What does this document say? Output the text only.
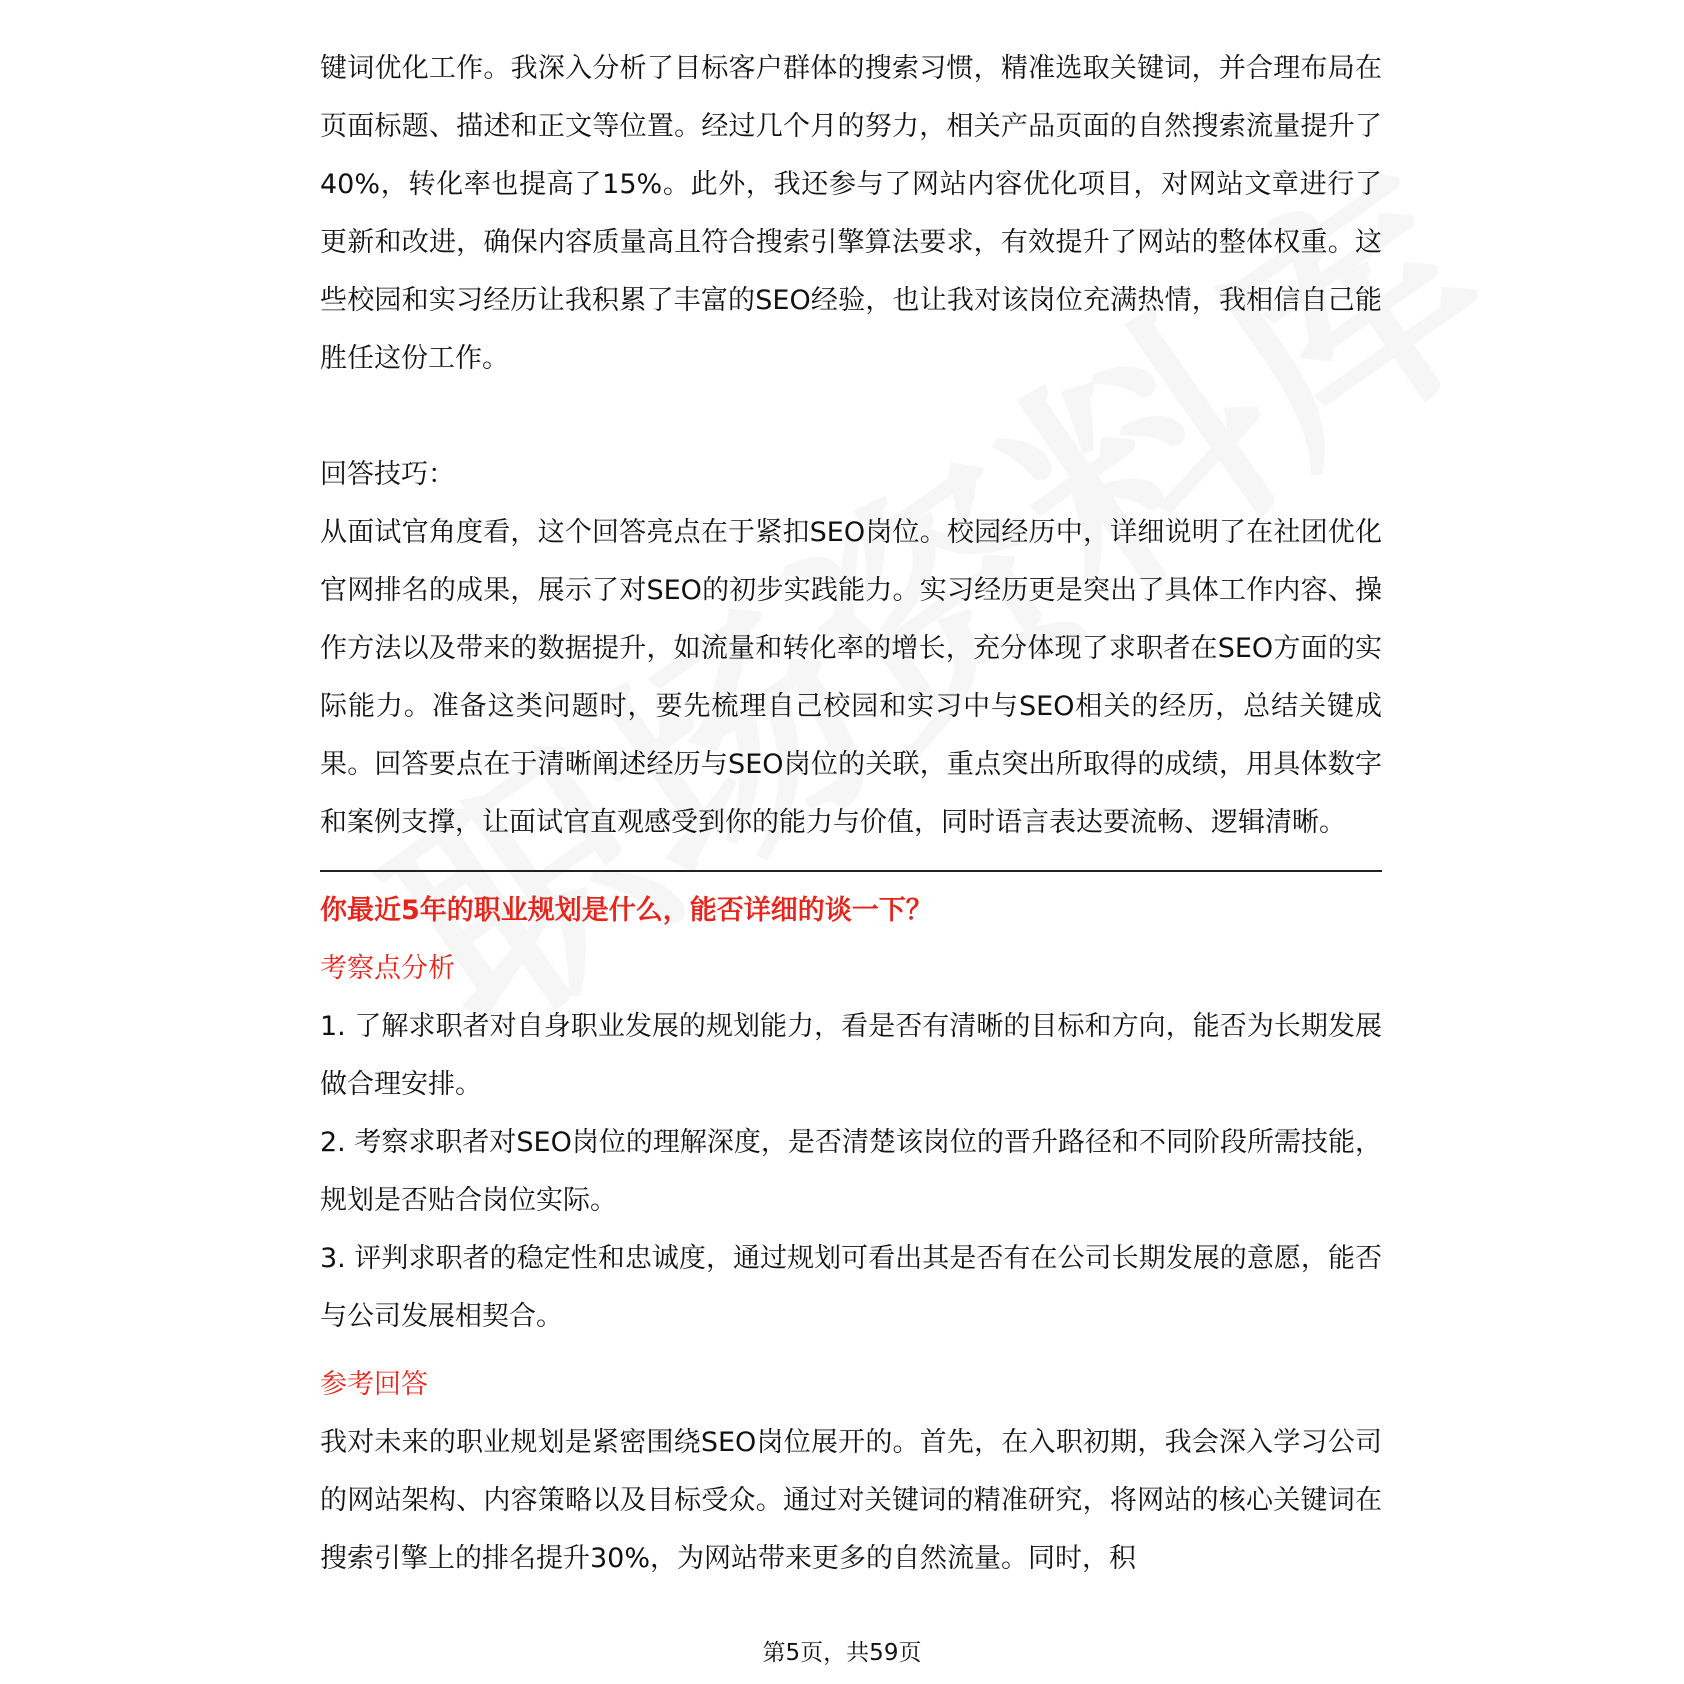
键词优化工作。我深入分析了目标客户群体的搜索习惯，精准选取关键词，并合理布局在页面标题、描述和正文等位置。经过几个月的努力，相关产品页面的自然搜索流量提升了40%，转化率也提高了15%。此外，我还参与了网站内容优化项目，对网站文章进行了更新和改进，确保内容质量高且符合搜索引擎算法要求，有效提升了网站的整体权重。这些校园和实习经历让我积累了丰富的SEO经验，也让我对该岗位充满热情，我相信自己能胜任这份工作。

回答技巧：

从面试官角度看，这个回答亮点在于紧扣SEO岗位。校园经历中，详细说明了在社团优化官网排名的成果，展示了对SEO的初步实践能力。实习经历更是突出了具体工作内容、操作方法以及带来的数据提升，如流量和转化率的增长，充分体现了求职者在SEO方面的实际能力。准备这类问题时，要先梳理自己校园和实习中与SEO相关的经历，总结关键成果。回答要点在于清晰阐述经历与SEO岗位的关联，重点突出所取得的成绩，用具体数字和案例支撑，让面试官直观感受到你的能力与价值，同时语言表达要流畅、逻辑清晰。

你最近5年的职业规划是什么，能否详细的谈一下？

考察点分析

1. 了解求职者对自身职业发展的规划能力，看是否有清晰的目标和方向，能否为长期发展做合理安排。

2. 考察求职者对SEO岗位的理解深度，是否清楚该岗位的晋升路径和不同阶段所需技能，规划是否贴合岗位实际。

3. 评判求职者的稳定性和忠诚度，通过规划可看出其是否有在公司长期发展的意愿，能否与公司发展相契合。

参考回答

我对未来的职业规划是紧密围绕SEO岗位展开的。首先，在入职初期，我会深入学习公司的网站架构、内容策略以及目标受众。通过对关键词的精准研究，将网站的核心关键词在搜索引擎上的排名提升30%，为网站带来更多的自然流量。同时，积

第5页，共59页
